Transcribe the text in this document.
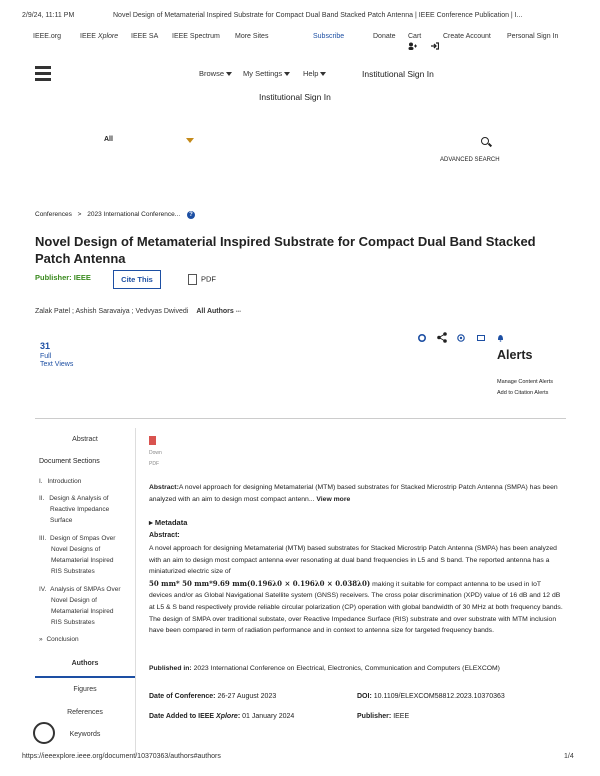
2/9/24, 11:11 PM	Novel Design of Metamaterial Inspired Substrate for Compact Dual Band Stacked Patch Antenna | IEEE Conference Publication | I...
IEEE.org	IEEE Xplore IEEE SA IEEE Spectrum More Sites	Subscribe	Donate Cart	Create Account Personal Sign In
Browse	My Settings	Help	Institutional Sign In
Institutional Sign In
All
ADVANCED SEARCH
Conferences > 2023 International Conference... ?
Novel Design of Metamaterial Inspired Substrate for Compact Dual Band Stacked Patch Antenna
Publisher: IEEE	Cite This	PDF
Zalak Patel ; Ashish Saravaiya ; Vedvyas Dwivedi All Authors •••
31
Full
Text Views
Alerts
Manage Content Alerts
Add to Citation Alerts
Abstract
Document Sections
I. Introduction
II. Design & Analysis of
Reactive Impedance
Surface
III. Design of Smpas Over
Novel Designs of
Metamaterial Inspired
RIS Substrates
IV. Analysis of SMPAs Over
Novel Design of
Metamaterial Inspired
RIS Substrates
» Conclusion
Authors
Figures
References
Keywords
Down
PDF
Abstract:A novel approach for designing Metamaterial (MTM) based substrates for Stacked Microstrip Patch Antenna (SMPA) has been analyzed with an aim to design most compact antenn... View more
▸ Metadata
Abstract:
A novel approach for designing Metamaterial (MTM) based substrates for Stacked Microstrip Patch Antenna (SMPA) has been analyzed with an aim to design most compact antenna ever resonating at dual band frequencies in L5 and S band. The reported antenna has a miniaturized electric size of
50 mm* 50 mm*9.69 mm(0.196λ0 × 0.196λ0 × 0.038λ0) making it suitable for compact antenna to be used in IoT devices and/or as Global Navigational Satellite system (GNSS) receivers. The cross polar discrimination (XPD) value of 16 dB and 12 dB at L5 & S band respectively provide reliable circular polarization (CP) operation with global bandwidth of 30 MHz at both frequency bands. The design of SMPA over traditional substate, over Reactive Impedance Surface (RIS) substrate and over substrate with MTM inclusion have been compared in term of radiation performance and in context to antenna size for targeted frequency bands.
Published in: 2023 International Conference on Electrical, Electronics, Communication and Computers (ELEXCOM)
Date of Conference: 26-27 August 2023	DOI: 10.1109/ELEXCOM58812.2023.10370363
Date Added to IEEE Xplore: 01 January 2024	Publisher: IEEE
https://ieeexplore.ieee.org/document/10370363/authors#authors	1/4
